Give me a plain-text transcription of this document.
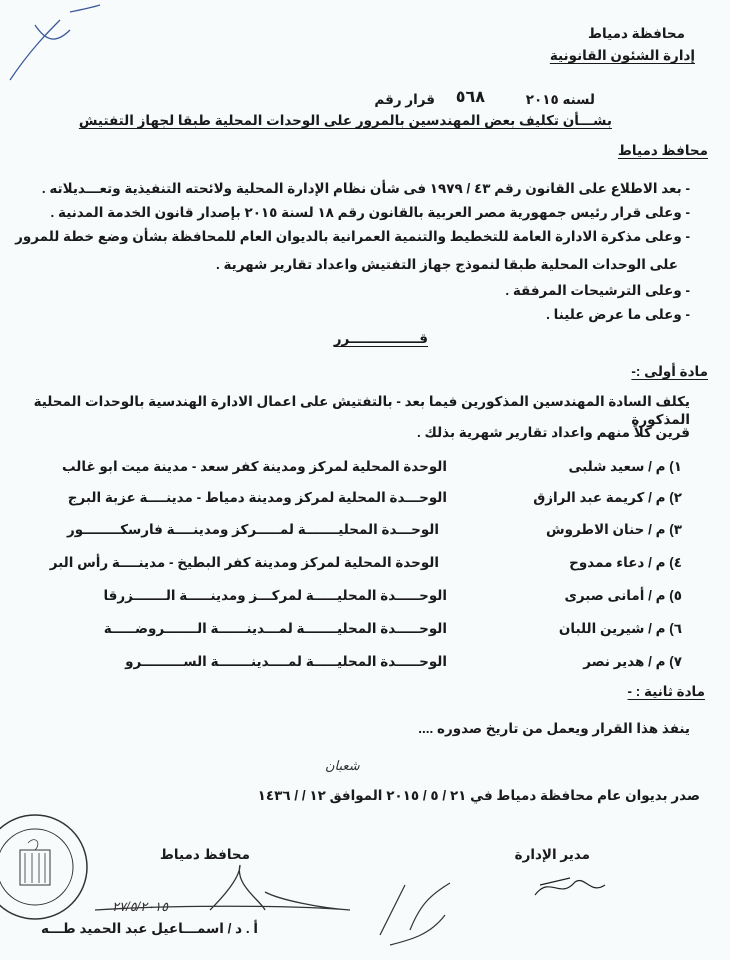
محافظة دمياط
إدارة الشئون القانونية
قرار رقم ٥٦٨	لسنه ٢٠١٥
بشـــأن تكليف بعض المهندسين بالمرور على الوحدات المحلية طبقا لجهاز التفتيش
محافظ دمياط
- بعد الاطلاع على القانون رقم ٤٣ / ١٩٧٩ فى شأن نظام الإدارة المحلية ولائحته التنفيذية وتعـــديلاته .
- وعلى قرار رئيس جمهورية مصر العربية بالقانون رقم ١٨ لسنة ٢٠١٥ بإصدار قانون الخدمة المدنية .
- وعلى مذكرة الادارة العامة للتخطيط والتنمية العمرانية بالديوان العام للمحافظة بشأن وضع خطة للمرور
على الوحدات المحلية طبقا لنموذج جهاز التفتيش واعداد تقارير شهرية .
- وعلى الترشيحات المرفقة .
- وعلى ما عرض علينا .
قـــــــــــــــرر
مادة أولى :-
يكلف السادة المهندسين المذكورين فيما بعد - بالتفتيش على اعمال الادارة الهندسية بالوحدات المحلية المذكورة
قرين كلاً منهم واعداد تقارير شهرية بذلك .
١) م / سعيد شلبى
الوحدة المحلية لمركز ومدينة كفر سعد - مدينة ميت ابو غالب
٢) م / كريمة عبد الرازق
الوحـــدة المحلية لمركز ومدينة دمياط - مدينــــة عزبة البرج
٣) م / حنان الاطروش
الوحـــدة المحليـــــــة لمـــــركز ومدينــــة فارسكــــــــور
٤) م / دعاء ممدوح
الوحدة المحلية لمركز ومدينة كفر البطيخ - مدينــــة رأس البر
٥) م / أمانى صبرى
الوحـــــدة المحليـــــة لمركـــز ومدينـــــة الـــــــزرقا
٦) م / شيرين اللبان
الوحـــــدة المحليـــــــة لمـــدينــــــة الـــــــروضـــــة
٧) م / هدير نصر
الوحـــــدة المحليـــــة لمــــدينـــــــة الســـــــــرو
مادة ثانية : -
ينفذ هذا القرار ويعمل من تاريخ صدوره ....
شعبان
صدر بديوان عام محافظة دمياط في ٢١ / ٥ / ٢٠١٥ الموافق ١٢ / / ١٤٣٦
مدير الإدارة
محافظ دمياط
٢٧/٥/٢٠١٥
أ . د / اسمـــاعيل عبد الحميد طـــه
